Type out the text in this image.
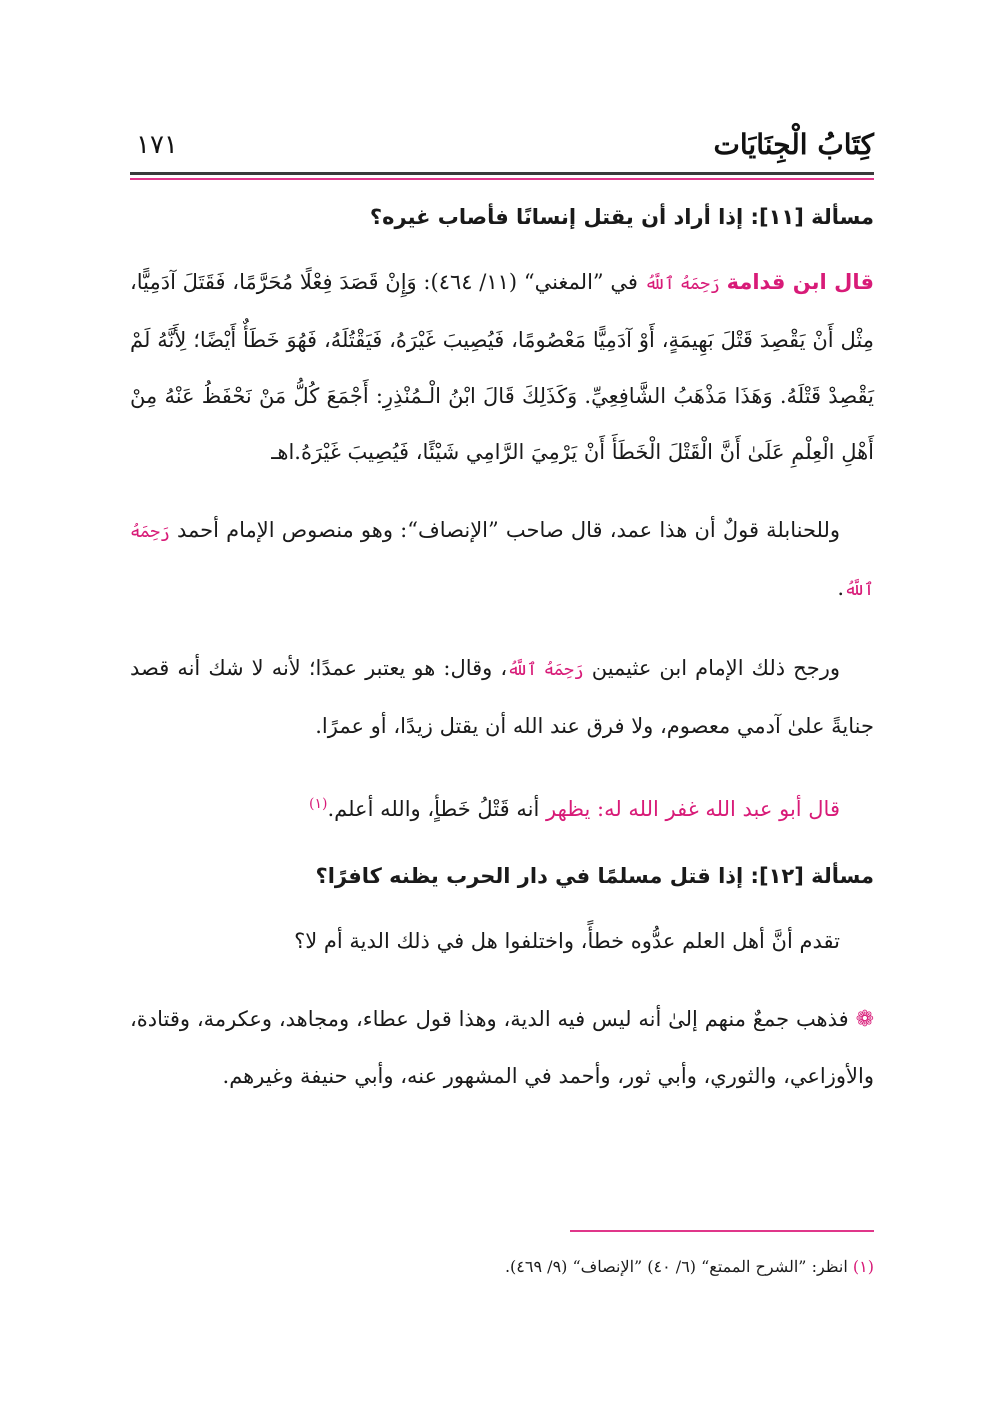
كِتَابُ الْجِنَايَات
١٧١
مسألة [١١]: إذا أراد أن يقتل إنسانًا فأصاب غيره؟

قال ابن قدامة رَحِمَهُ ٱللَّهُ في ”المغني“ (١١/ ٤٦٤): وَإِنْ قَصَدَ فِعْلًا مُحَرَّمًا، فَقَتَلَ آدَمِيًّا، مِثْل أَنْ يَقْصِدَ قَتْلَ بَهِيمَةٍ، أَوْ آدَمِيًّا مَعْصُومًا، فَيُصِيبَ غَيْرَهُ، فَيَقْتُلَهُ، فَهُوَ خَطَأٌ أَيْضًا؛ لِأَنَّهُ لَمْ يَقْصِدْ قَتْلَهُ. وَهَذَا مَذْهَبُ الشَّافِعِيِّ. وَكَذَلِكَ قَالَ ابْنُ الْـمُنْذِرِ: أَجْمَعَ كُلُّ مَنْ نَحْفَظُ عَنْهُ مِنْ أَهْلِ الْعِلْمِ عَلَىٰ أَنَّ الْقَتْلَ الْخَطَأَ أَنْ يَرْمِيَ الرَّامِي شَيْئًا، فَيُصِيبَ غَيْرَهُ.اهـ

وللحنابلة قولٌ أن هذا عمد، قال صاحب ”الإنصاف“: وهو منصوص الإمام أحمد رَحِمَهُ ٱللَّهُ.

ورجح ذلك الإمام ابن عثيمين رَحِمَهُ ٱللَّهُ، وقال: هو يعتبر عمدًا؛ لأنه لا شك أنه قصد جنايةً علىٰ آدمي معصوم، ولا فرق عند الله أن يقتل زيدًا، أو عمرًا.

قال أبو عبد الله غفر الله له: يظهر أنه قَتْلُ خَطأٍ، والله أعلم.$^{(١)}$

مسألة [١٢]: إذا قتل مسلمًا في دار الحرب يظنه كافرًا؟

تقدم أنَّ أهل العلم عدُّوه خطأً، واختلفوا هل في ذلك الدية أم لا؟

❁ فذهب جمعٌ منهم إلىٰ أنه ليس فيه الدية، وهذا قول عطاء، ومجاهد، وعكرمة، وقتادة، والأوزاعي، والثوري، وأبي ثور، وأحمد في المشهور عنه، وأبي حنيفة وغيرهم.

(١) انظر: ”الشرح الممتع“ (٦/ ٤٠) ”الإنصاف“ (٩/ ٤٦٩).
